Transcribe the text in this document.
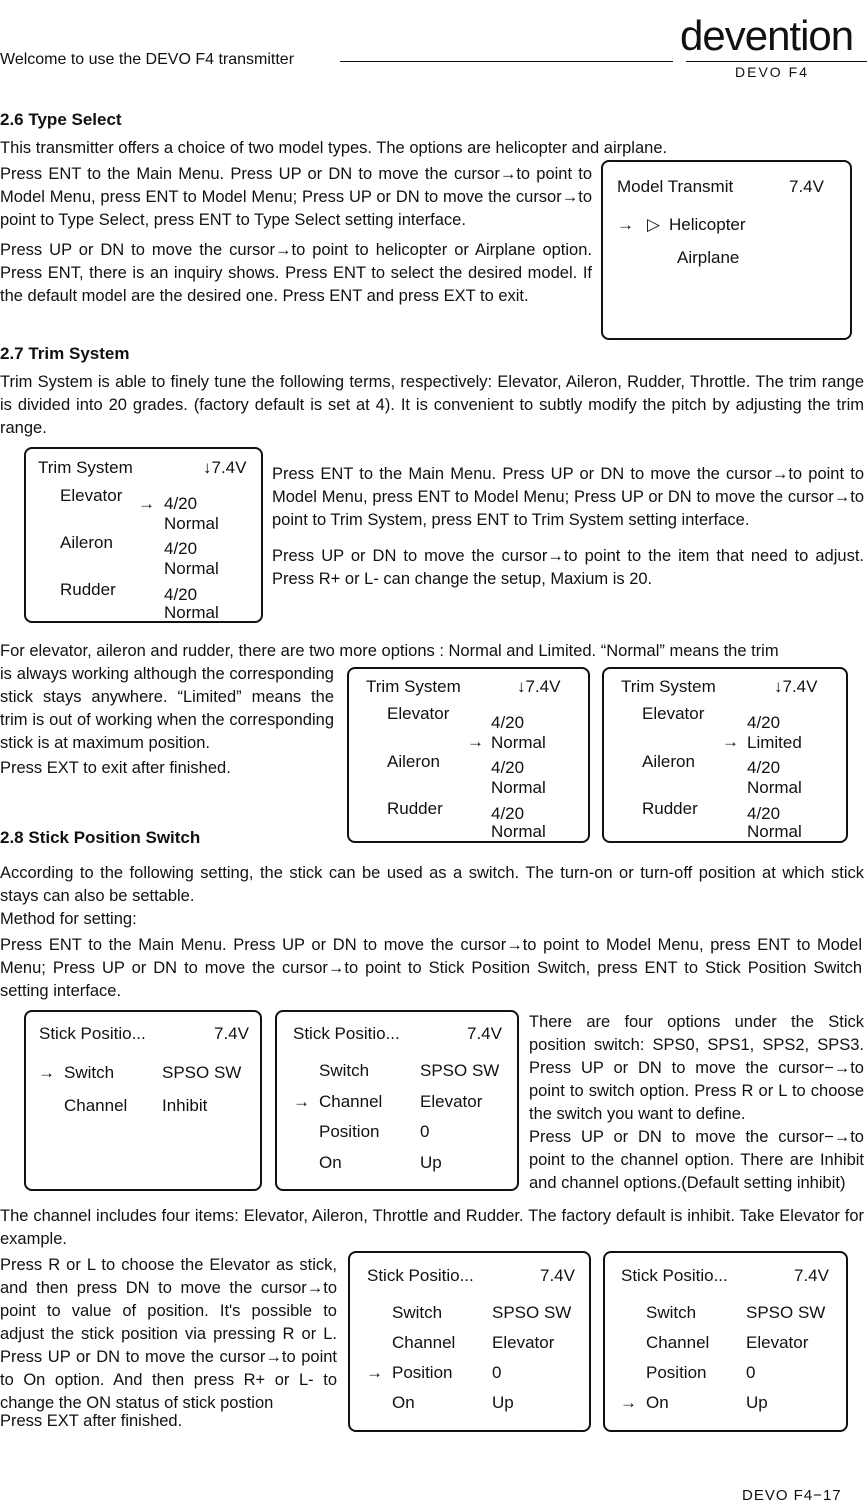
Welcome to use the DEVO F4 transmitter
devention
DEVO F4
2.6 Type Select

This transmitter offers a choice of two model types. The options are helicopter and airplane.

Press ENT to the Main Menu. Press UP or DN to move the cursor→to point to Model Menu, press ENT to Model Menu; Press UP or DN to move the cursor→to point to Type Select, press ENT to Type Select setting interface.

Press UP or DN to move the cursor→to point to helicopter or Airplane option. Press ENT, there is an inquiry shows. Press ENT to select the desired model. If the default model are the desired one. Press ENT and press EXT to exit.

Model Transmit	7.4V
→ ▷ Helicopter
Airplane
2.7 Trim System

Trim System is able to finely tune the following terms, respectively: Elevator, Aileron, Rudder, Throttle. The trim range is divided into 20 grades. (factory default is set at 4). It is convenient to subtly modify the pitch by adjusting the trim range.

Trim System	↓7.4V
Elevator → 4/20
Normal
Aileron	4/20
Normal
Rudder	4/20
Normal

Press ENT to the Main Menu. Press UP or DN to move the cursor→to point to Model Menu, press ENT to Model Menu; Press UP or DN to move the cursor→to point to Trim System, press ENT to Trim System setting interface.

Press UP or DN to move the cursor→to point to the item that need to adjust. Press R+ or L- can change the setup, Maxium is 20.

For elevator, aileron and rudder, there are two more options : Normal and Limited. “Normal” means the trim

is always working although the corresponding stick stays anywhere. “Limited” means the trim is out of working when the corresponding stick is at maximum position.

Press EXT to exit after finished.

Trim System	↓7.4V
Elevator 4/20
→ Normal
Aileron	4/20
Normal
Rudder	4/20
Normal
Trim System	↓7.4V
Elevator	4/20
→ Limited
Aileron	4/20
Normal
Rudder	4/20
Normal
2.8 Stick Position Switch

According to the following setting, the stick can be used as a switch. The turn-on or turn-off position at which stick stays can also be settable.

Method for setting:

Press ENT to the Main Menu. Press UP or DN to move the cursor→to point to Model Menu, press ENT to Model Menu; Press UP or DN to move the cursor→to point to Stick Position Switch, press ENT to Stick Position Switch setting interface.

Stick Positio...	7.4V
→ Switch	SPSO SW
Channel Inhibit
Stick Positio...	7.4V
Switch	SPSO SW
→ Channel Elevator
Position 0
On	Up

There are four options under the Stick position switch: SPS0, SPS1, SPS2, SPS3. Press UP or DN to move the cursor−→to point to switch option. Press R or L to choose the switch you want to define.

Press UP or DN to move the cursor−→to point to the channel option. There are Inhibit and channel options.(Default setting inhibit)

The channel includes four items: Elevator, Aileron, Throttle and Rudder. The factory default is inhibit. Take Elevator for example.

Press R or L to choose the Elevator as stick, and then press DN to move the cursor→to point to value of position. It's possible to adjust the stick position via pressing R or L. Press UP or DN to move the cursor→to point to On option. And then press R+ or L- to change the ON status of stick postion

Press EXT after finished.

Stick Positio...	7.4V
Switch	SPSO SW
Channel Elevator
→ Position 0
On	Up
Stick Positio...	7.4V
Switch	SPSO SW
Channel Elevator
Position 0
→ On	Up
DEVO F4−17
